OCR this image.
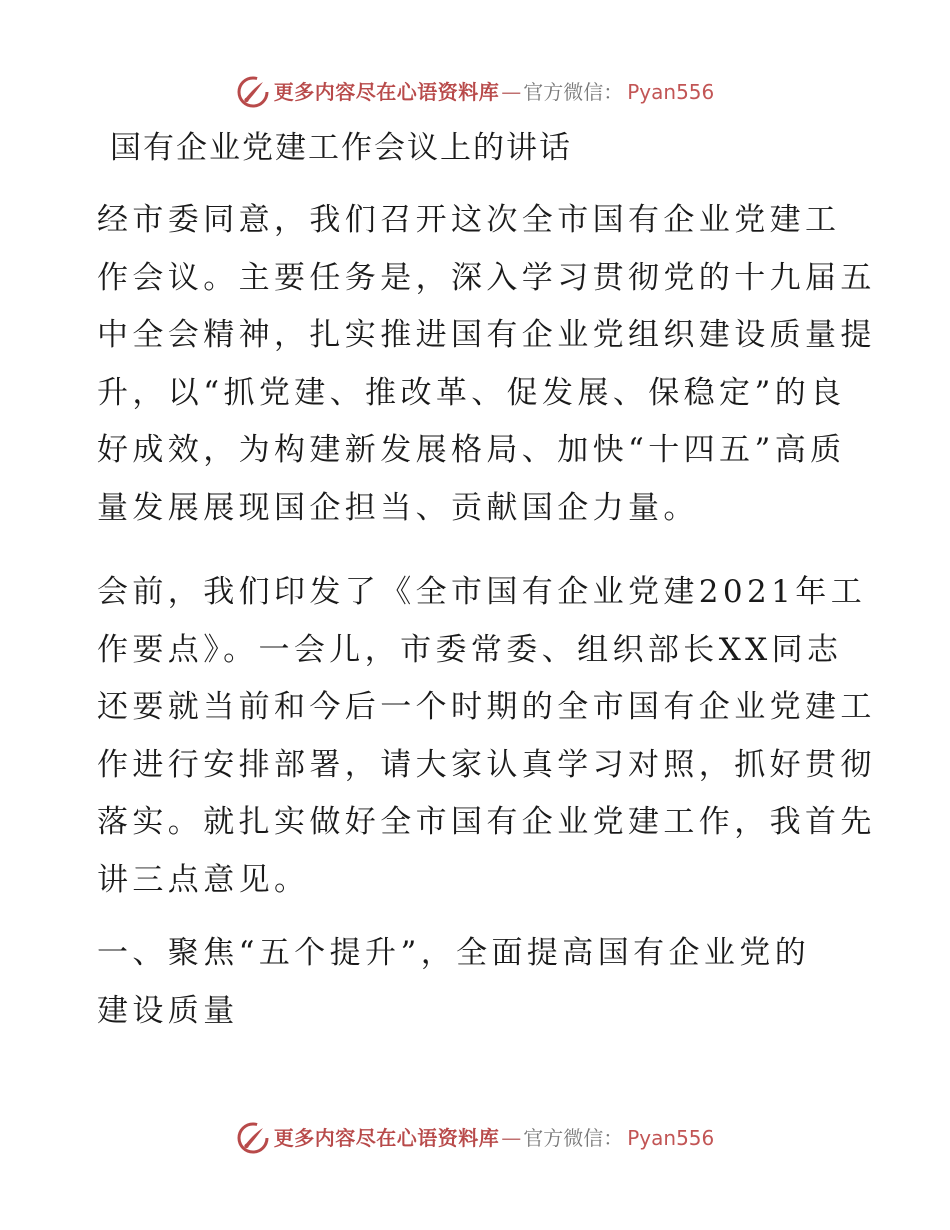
更多内容尽在心语资料库 — 官方微信： Pyan556
国有企业党建工作会议上的讲话

经市委同意，我们召开这次全市国有企业党建工
作会议。主要任务是，深入学习贯彻党的十九届五
中全会精神，扎实推进国有企业党组织建设质量提
升，以“抓党建、推改革、促发展、保稳定”的良
好成效，为构建新发展格局、加快“十四五”高质
量发展展现国企担当、贡献国企力量。

会前，我们印发了《全市国有企业党建2021年工
作要点》。一会儿，市委常委、组织部长XX同志
还要就当前和今后一个时期的全市国有企业党建工
作进行安排部署，请大家认真学习对照，抓好贯彻
落实。就扎实做好全市国有企业党建工作，我首先
讲三点意见。

一、聚焦“五个提升”，全面提高国有企业党的
建设质量

更多内容尽在心语资料库 — 官方微信： Pyan556
